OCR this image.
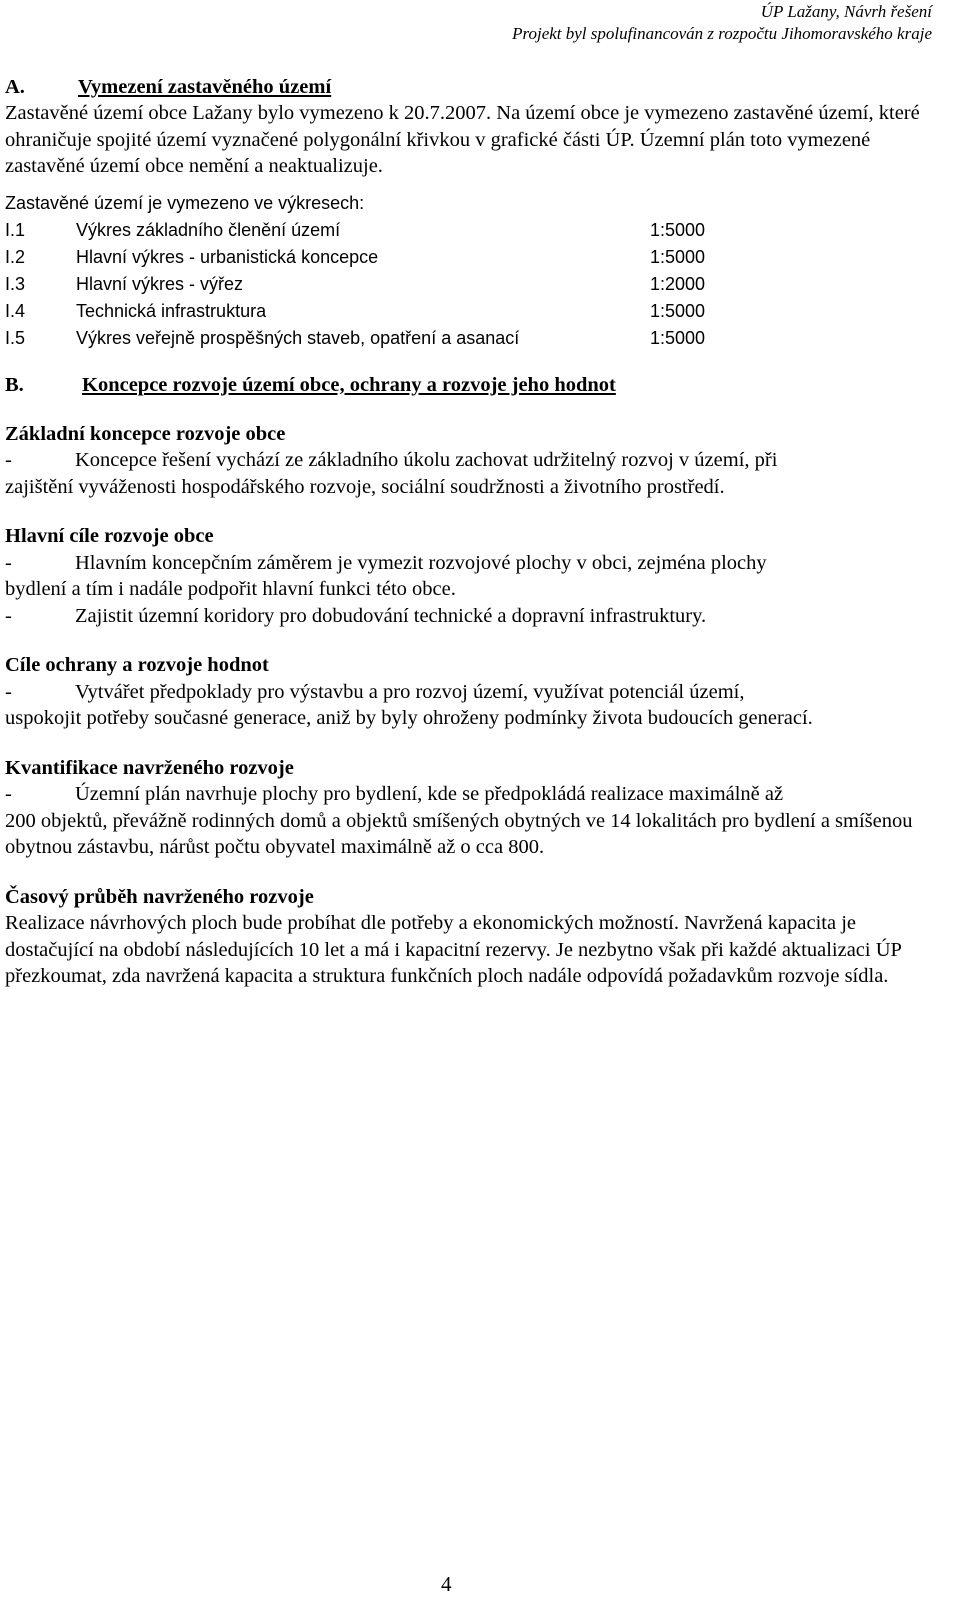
ÚP Lažany, Návrh řešení
Projekt byl spolufinancován z rozpočtu Jihomoravského kraje
A.	Vymezení zastavěného území

Zastavěné území obce Lažany bylo vymezeno k 20.7.2007. Na území obce je vymezeno zastavěné území, které ohraničuje spojité území vyznačené polygonální křivkou v grafické části ÚP. Územní plán toto vymezené zastavěné území obce nemění a neaktualizuje.

Zastavěné území je vymezeno ve výkresech:
I.1	Výkres základního členění území	1:5000
I.2	Hlavní výkres - urbanistická koncepce	1:5000
I.3	Hlavní výkres - výřez	1:2000
I.4	Technická infrastruktura	1:5000
I.5	Výkres veřejně prospěšných staveb, opatření a asanací	1:5000
B.	Koncepce rozvoje území obce, ochrany a rozvoje jeho hodnot
Základní koncepce rozvoje obce
-	Koncepce řešení vychází ze základního úkolu zachovat udržitelný rozvoj v území, při
zajištění vyváženosti hospodářského rozvoje, sociální soudržnosti a životního prostředí.
Hlavní cíle rozvoje obce
-	Hlavním koncepčním záměrem je vymezit rozvojové plochy v obci, zejména plochy
bydlení a tím i nadále podpořit hlavní funkci této obce.
-	Zajistit územní koridory pro dobudování technické a dopravní infrastruktury.
Cíle ochrany a rozvoje hodnot
-	Vytvářet předpoklady pro výstavbu a pro rozvoj území, využívat potenciál území,
uspokojit potřeby současné generace, aniž by byly ohroženy podmínky života budoucích generací.
Kvantifikace navrženého rozvoje
-	Územní plán navrhuje plochy pro bydlení, kde se předpokládá realizace maximálně až
200 objektů, převážně rodinných domů a objektů smíšených obytných ve 14 lokalitách pro bydlení a smíšenou obytnou zástavbu, nárůst počtu obyvatel maximálně až o cca 800.
Časový průběh navrženého rozvoje

Realizace návrhových ploch bude probíhat dle potřeby a ekonomických možností. Navržená kapacita je dostačující na období následujících 10 let a má i kapacitní rezervy. Je nezbytno však při každé aktualizaci ÚP přezkoumat, zda navržená kapacita a struktura funkčních ploch nadále odpovídá požadavkům rozvoje sídla.

4
